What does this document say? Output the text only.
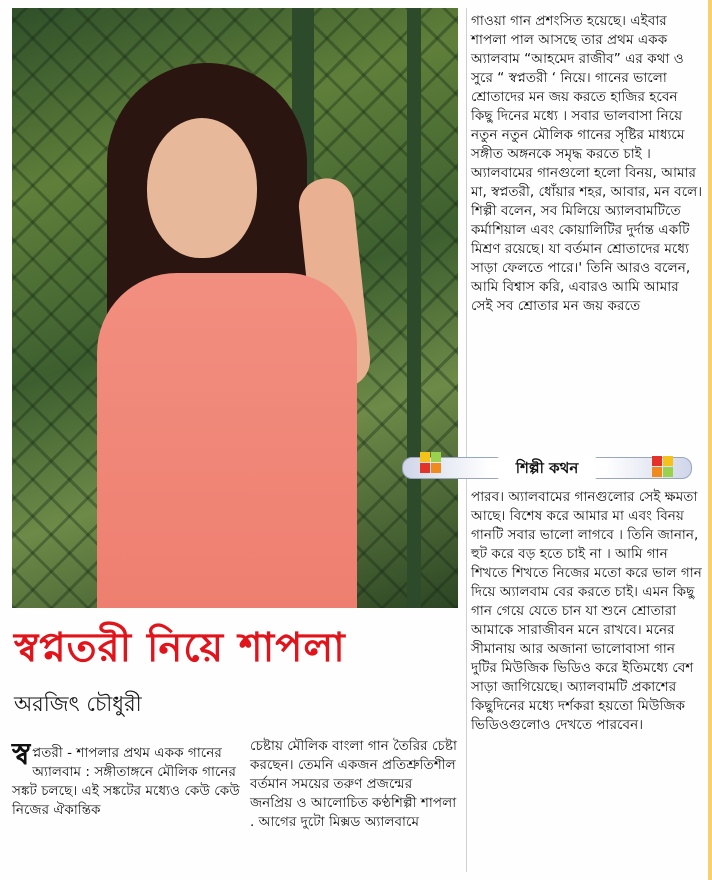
গাওয়া গান প্রশংসিত হয়েছে। এইবার শাপলা পাল আসছে তার প্রথম একক অ্যালবাম “আহমেদ রাজীব” এর কথা ও সুরে “ স্বপ্নতরী ‘ নিয়ে। গানের ভালো শ্রোতাদের মন জয় করতে হাজির হবেন কিছু দিনের মধ্যে । সবার ভালবাসা নিয়ে নতুন নতুন মৌলিক গানের সৃষ্টির মাধ্যমে সঙ্গীত অঙ্গনকে সমৃদ্ধ করতে চাই । অ্যালবামের গানগুলো হলো বিনয়, আমার মা, স্বপ্নতরী, ধোঁয়ার শহর, আবার, মন বলে। শিল্পী বলেন, সব মিলিয়ে অ্যালবামটিতে কর্মাশিয়াল এবং কোয়ালিটির দুর্দান্ত একটি মিশ্রণ রয়েছে। যা বর্তমান শ্রোতাদের মধ্যে সাড়া ফেলতে পারে।' তিনি আরও বলেন, আমি বিশ্বাস করি, এবারও আমি আমার সেই সব শ্রোতার মন জয় করতে

শিল্পী কথন

পারব। অ্যালবামের গানগুলোর সেই ক্ষমতা আছে। বিশেষ করে আমার মা এবং বিনয় গানটি সবার ভালো লাগবে । তিনি জানান, হুট করে বড় হতে চাই না । আমি গান শিখতে শিখতে নিজের মতো করে ভাল গান দিয়ে অ্যালবাম বের করতে চাই। এমন কিছু গান গেয়ে যেতে চান যা শুনে শ্রোতারা আমাকে সারাজীবন মনে রাখবে। মনের সীমানায় আর অজানা ভালোবাসা গান দুটির মিউজিক ভিডিও করে ইতিমধ্যে বেশ সাড়া জাগিয়েছে। অ্যালবামটি প্রকাশের কিছুদিনের মধ্যে দর্শকরা হয়তো মিউজিক ভিডিওগুলোও দেখতে পারবেন।

স্বপ্নতরী নিয়ে শাপলা
অরজিৎ চৌধুরী

স্ব প্নতরী - শাপলার প্রথম একক গানের অ্যালবাম : সঙ্গীতাঙ্গনে মৌলিক গানের সঙ্কট চলছে। এই সঙ্কটের মধ্যেও কেউ কেউ নিজের ঐকান্তিক

চেষ্টায় মৌলিক বাংলা গান তৈরির চেষ্টা করছেন। তেমনি একজন প্রতিশ্রুতিশীল বর্তমান সময়ের তরুণ প্রজন্মের জনপ্রিয় ও আলোচিত কণ্ঠশিল্পী শাপলা . আগের দুটো মিক্সড অ্যালবামে
